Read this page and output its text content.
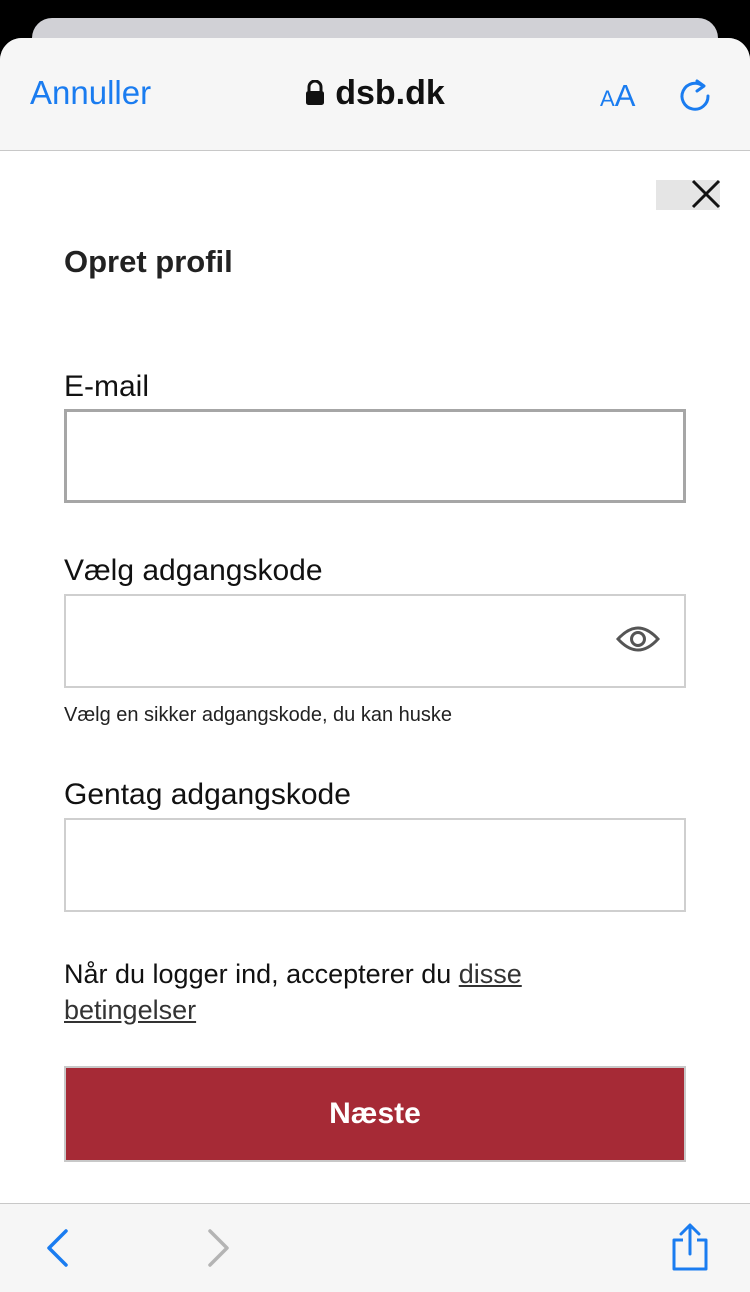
Annuller	dsb.dk	AA
Opret profil
E-mail
Vælg adgangskode
Vælg en sikker adgangskode, du kan huske
Gentag adgangskode
Når du logger ind, accepterer du disse betingelser
Næste
